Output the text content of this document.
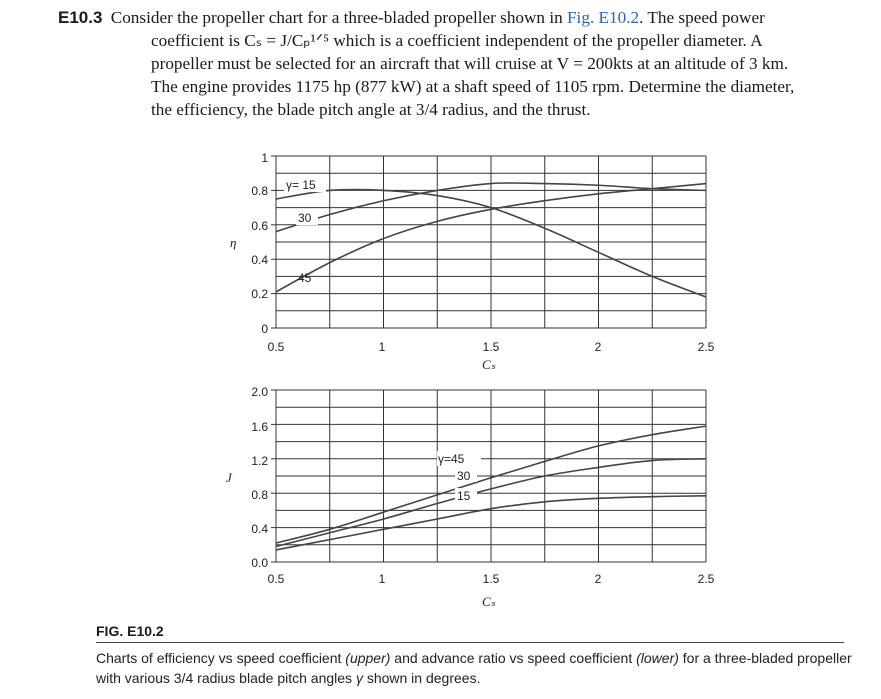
E10.3 Consider the propeller chart for a three-bladed propeller shown in Fig. E10.2. The speed power
coefficient is Cₛ = J/Cₚ¹ᐟ⁵ which is a coefficient independent of the propeller diameter. A
propeller must be selected for an aircraft that will cruise at V = 200kts at an altitude of 3 km.
The engine provides 1175 hp (877 kW) at a shaft speed of 1105 rpm. Determine the diameter,
the efficiency, the blade pitch angle at 3/4 radius, and the thrust.
η
Cₛ
1
0.8
0.6
0.4
0.2
0
0.5	1	1.5	2	2.5
γ= 15
30
45
J
Cₛ
2.0
1.6
1.2
0.8
0.4
0.0
0.5	1	1.5	2	2.5
γ=45
30
15
FIG. E10.2
Charts of efficiency vs speed coefficient (upper) and advance ratio vs speed coefficient (lower) for a three-bladed propeller with various 3/4 radius blade pitch angles γ shown in degrees.
